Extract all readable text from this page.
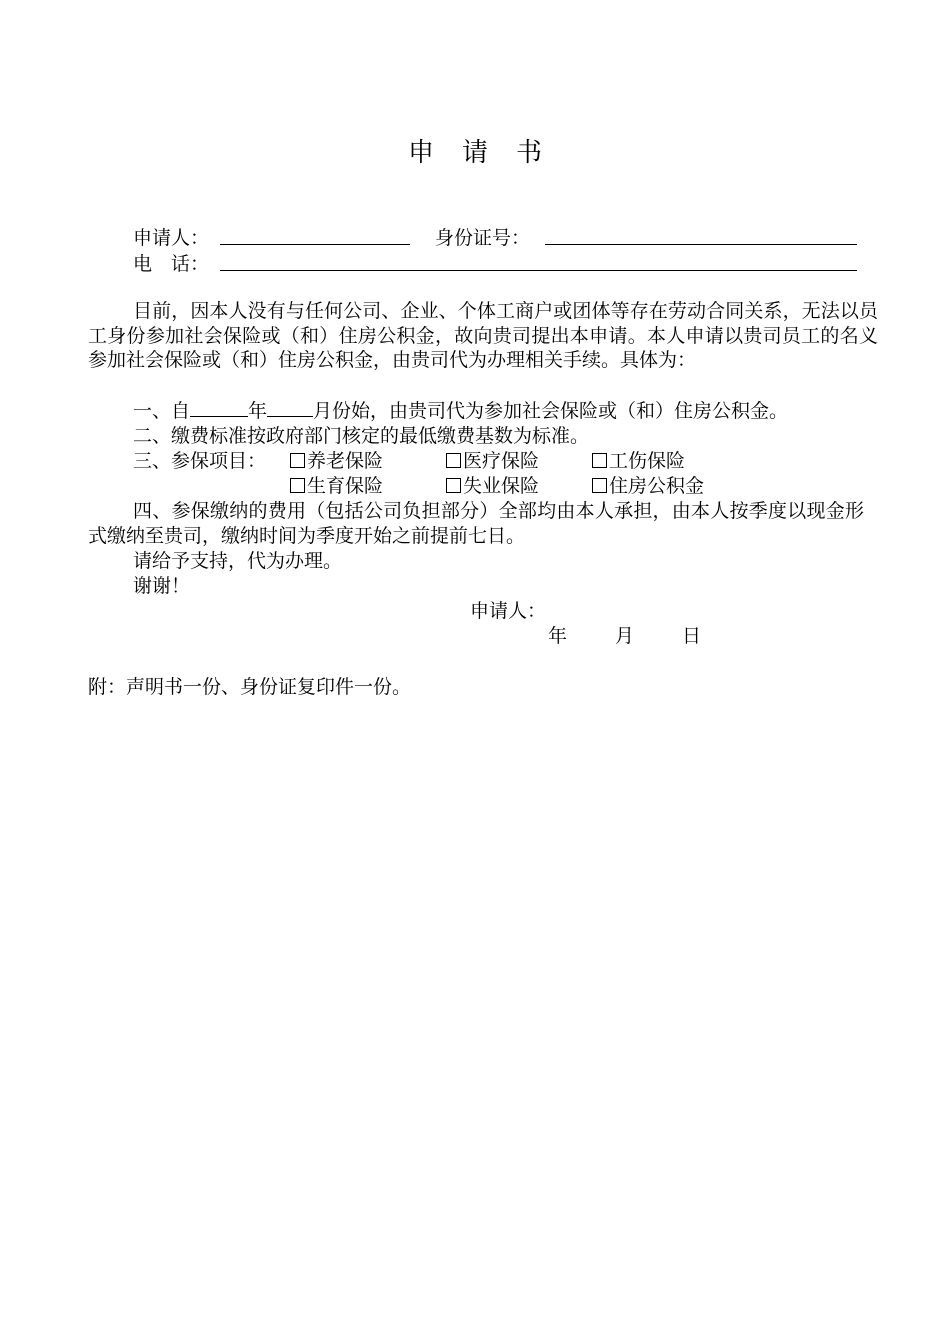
申 请 书
申请人：	身份证号：
电　话：
目前，因本人没有与任何公司、企业、个体工商户或团体等存在劳动合同关系，无法以员工身份参加社会保险或（和）住房公积金，故向贵司提出本申请。本人申请以贵司员工的名义参加社会保险或（和）住房公积金，由贵司代为办理相关手续。具体为：
一、自	年 月份始，由贵司代为参加社会保险或（和）住房公积金。
二、缴费标准按政府部门核定的最低缴费基数为标准。
三、参保项目：	养老保险	医疗保险	工伤保险
生育保险	失业保险	住房公积金
四、参保缴纳的费用（包括公司负担部分）全部均由本人承担，由本人按季度以现金形式缴纳至贵司，缴纳时间为季度开始之前提前七日。
请给予支持，代为办理。
谢谢！
申请人：
年	月	日
附：声明书一份、身份证复印件一份。
